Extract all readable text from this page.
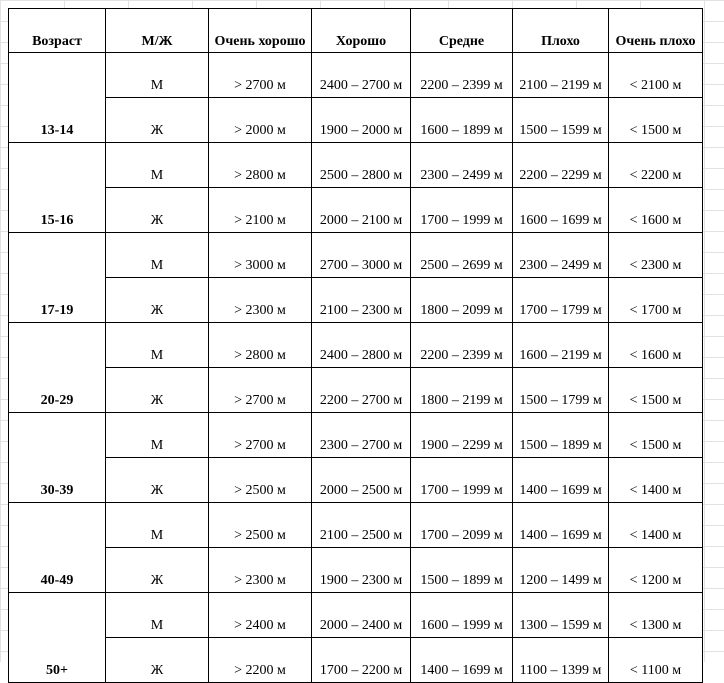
Возраст	М/Ж	Очень хорошо	Хорошо	Средне	Плохо	Очень плохо
13-14	М	> 2700 м	2400 – 2700 м	2200 – 2399 м	2100 – 2199 м	< 2100 м
	Ж	> 2000 м	1900 – 2000 м	1600 – 1899 м	1500 – 1599 м	< 1500 м
15-16	М	> 2800 м	2500 – 2800 м	2300 – 2499 м	2200 – 2299 м	< 2200 м
	Ж	> 2100 м	2000 – 2100 м	1700 – 1999 м	1600 – 1699 м	< 1600 м
17-19	М	> 3000 м	2700 – 3000 м	2500 – 2699 м	2300 – 2499 м	< 2300 м
	Ж	> 2300 м	2100 – 2300 м	1800 – 2099 м	1700 – 1799 м	< 1700 м
20-29	М	> 2800 м	2400 – 2800 м	2200 – 2399 м	1600 – 2199 м	< 1600 м
	Ж	> 2700 м	2200 – 2700 м	1800 – 2199 м	1500 – 1799 м	< 1500 м
30-39	М	> 2700 м	2300 – 2700 м	1900 – 2299 м	1500 – 1899 м	< 1500 м
	Ж	> 2500 м	2000 – 2500 м	1700 – 1999 м	1400 – 1699 м	< 1400 м
40-49	М	> 2500 м	2100 – 2500 м	1700 – 2099 м	1400 – 1699 м	< 1400 м
	Ж	> 2300 м	1900 – 2300 м	1500 – 1899 м	1200 – 1499 м	< 1200 м
50+	М	> 2400 м	2000 – 2400 м	1600 – 1999 м	1300 – 1599 м	< 1300 м
	Ж	> 2200 м	1700 – 2200 м	1400 – 1699 м	1100 – 1399 м	< 1100 м
